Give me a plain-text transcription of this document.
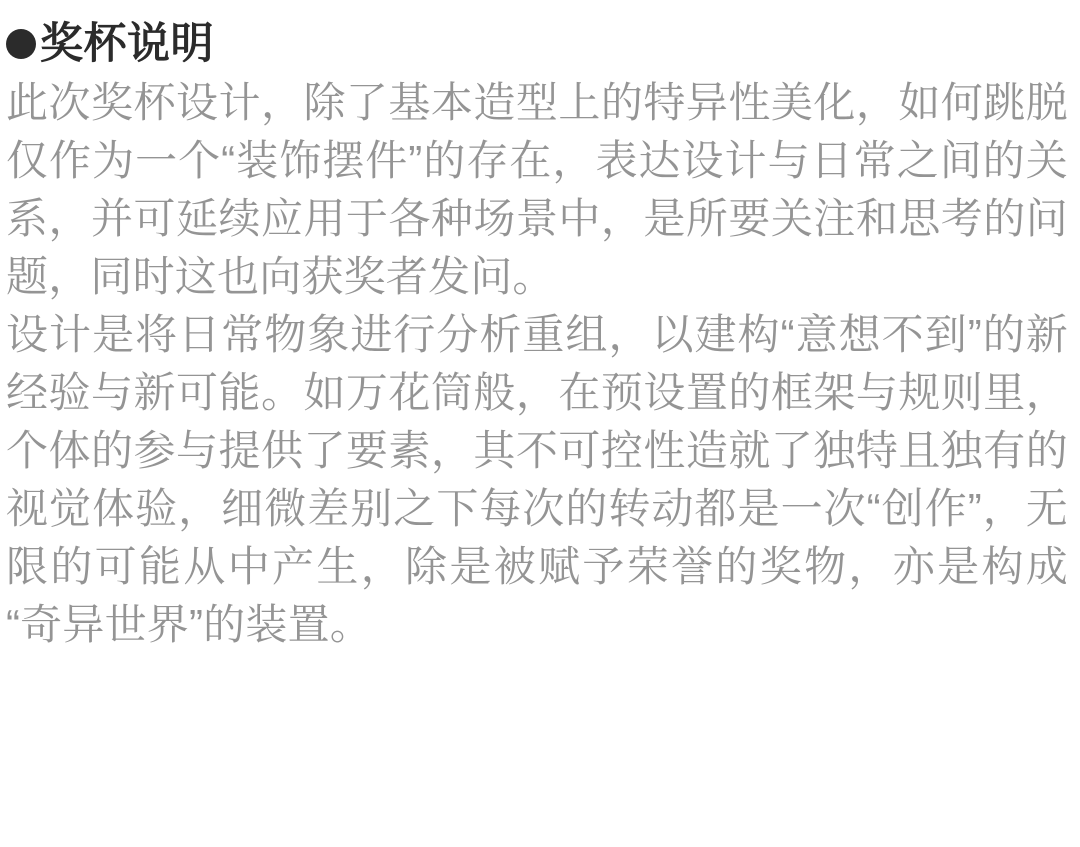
奖杯说明

此次奖杯设计，除了基本造型上的特异性美化，如何跳脱仅作为一个“装饰摆件”的存在，表达设计与日常之间的关系，并可延续应用于各种场景中，是所要关注和思考的问题，同时这也向获奖者发问。

设计是将日常物象进行分析重组，以建构“意想不到”的新经验与新可能。如万花筒般，在预设置的框架与规则里，个体的参与提供了要素，其不可控性造就了独特且独有的视觉体验，细微差别之下每次的转动都是一次“创作”，无限的可能从中产生，除是被赋予荣誉的奖物，亦是构成“奇异世界”的装置。
